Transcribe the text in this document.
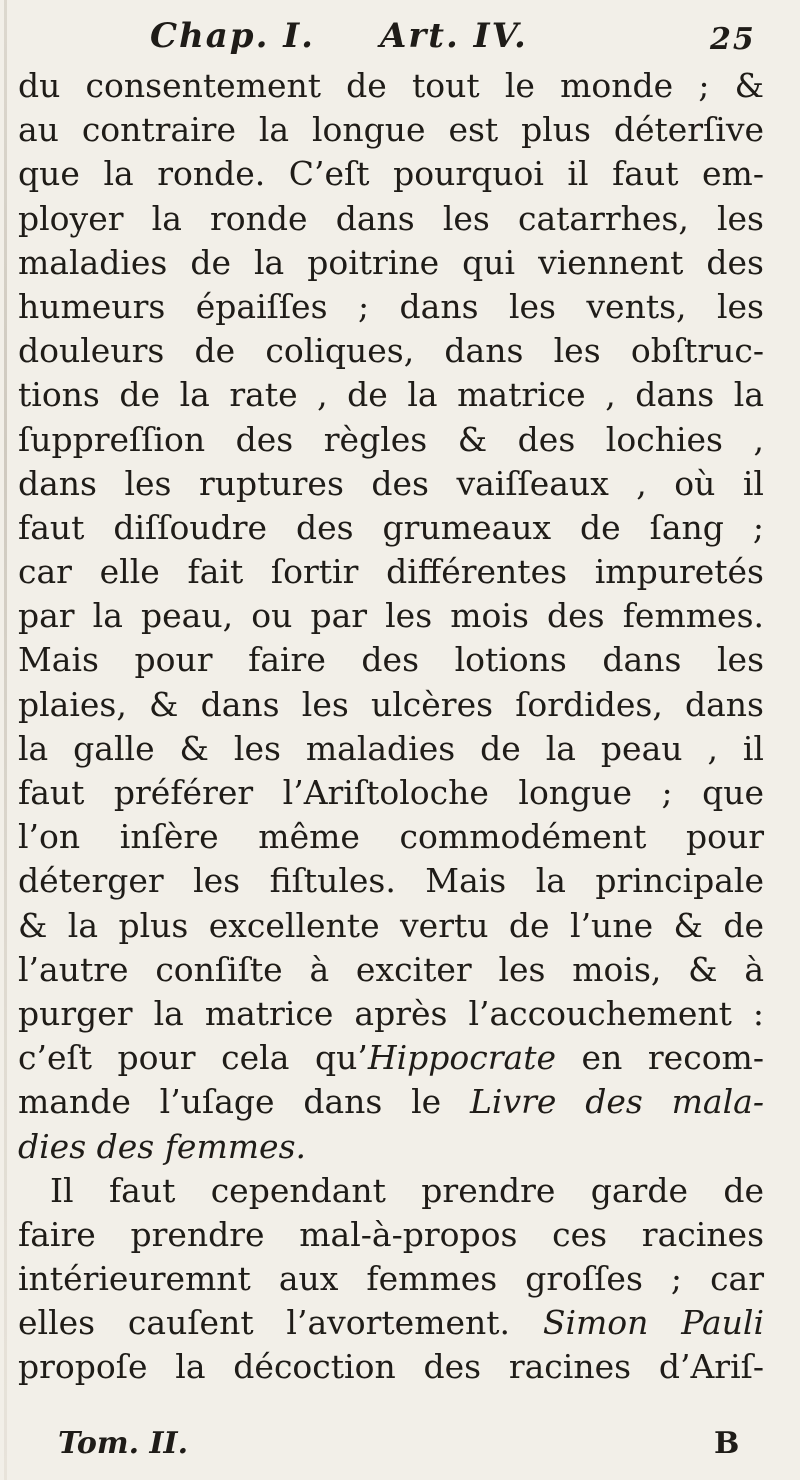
Chap. I. Art. IV.	25
du consentement de tout le monde ; &
au contraire la longue est plus déterſive
que la ronde. C’eſt pourquoi il faut em-
ployer la ronde dans les catarrhes, les
maladies de la poitrine qui viennent des
humeurs épaiſſes ; dans les vents, les
douleurs de coliques, dans les obſtruc-
tions de la rate , de la matrice , dans la
ſuppreſſion des règles & des lochies ,
dans les ruptures des vaiſſeaux , où il
faut diſſoudre des grumeaux de ſang ;
car elle fait ſortir différentes impuretés
par la peau, ou par les mois des femmes.
Mais pour faire des lotions dans les
plaies, & dans les ulcères ſordides, dans
la galle & les maladies de la peau , il
faut préférer l’Ariſtoloche longue ; que
l’on inſère même commodément pour
déterger les fiſtules. Mais la principale
& la plus excellente vertu de l’une & de
l’autre conſiſte à exciter les mois, & à
purger la matrice après l’accouchement :
c’eſt pour cela qu’Hippocrate en recom-
mande l’uſage dans le Livre des mala-
dies des femmes.
Il faut cependant prendre garde de
faire prendre mal-à-propos ces racines
intérieuremnt aux femmes groſſes ; car
elles cauſent l’avortement. Simon Pauli
propoſe la décoction des racines d’Ariſ-
Tom. II.	B
